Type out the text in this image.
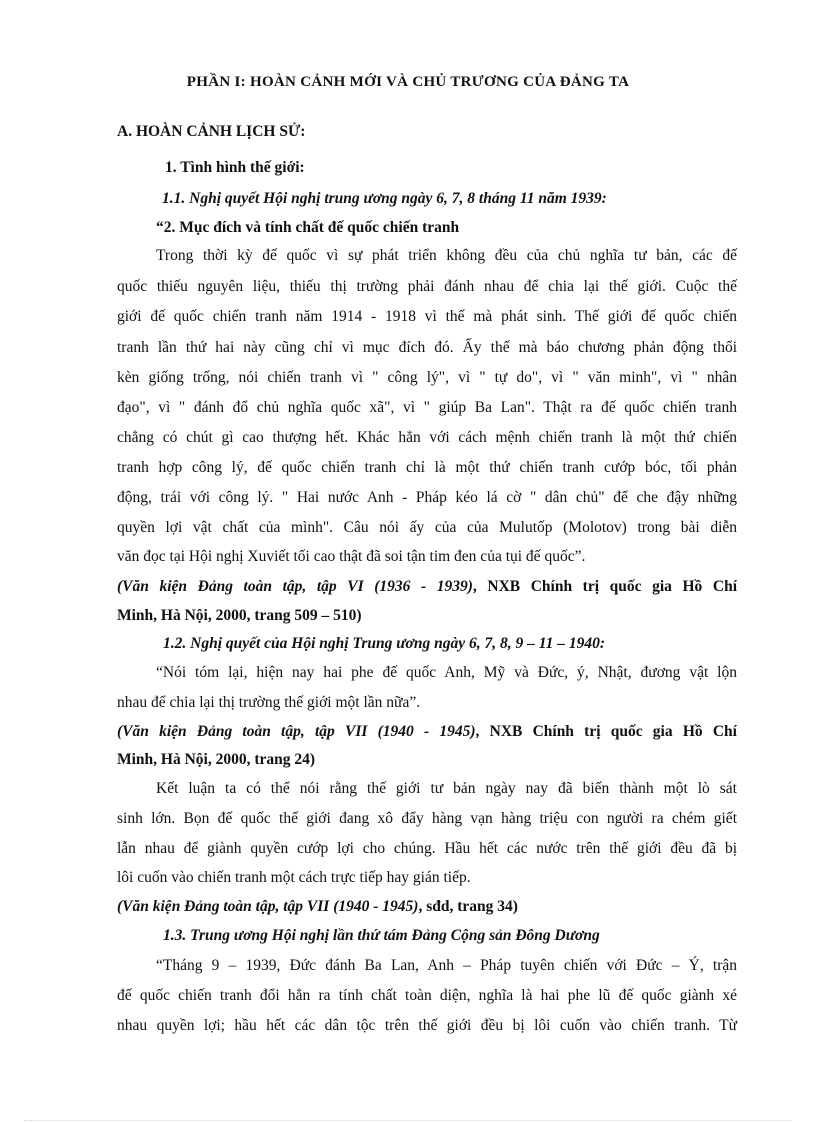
PHẦN I: HOÀN CẢNH MỚI VÀ CHỦ TRƯƠNG CỦA ĐẢNG TA
A. HOÀN CẢNH LỊCH SỬ:
1. Tình hình thế giới:
1.1. Nghị quyết Hội nghị trung ương ngày 6, 7, 8 tháng 11 năm 1939:
“2. Mục đích và tính chất đế quốc chiến tranh
Trong thời kỳ đế quốc vì sự phát triển không đều của chủ nghĩa tư bản, các đế
quốc thiếu nguyên liệu, thiếu thị trường phải đánh nhau để chia lại thế giới. Cuộc thế
giới đế quốc chiến tranh năm 1914 - 1918 vì thế mà phát sinh. Thế giới đế quốc chiến
tranh lần thứ hai này cũng chỉ vì mục đích đó. Ấy thế mà báo chương phản động thổi
kèn giống trống, nói chiến tranh vì " công lý", vì " tự do", vì " văn minh", vì " nhân
đạo", vì " đánh đổ chủ nghĩa quốc xã", vì " giúp Ba Lan". Thật ra đế quốc chiến tranh
chẳng có chút gì cao thượng hết. Khác hẳn với cách mệnh chiến tranh là một thứ chiến
tranh hợp công lý, đế quốc chiến tranh chỉ là một thứ chiến tranh cướp bóc, tối phản
động, trái với công lý. " Hai nước Anh - Pháp kéo lá cờ " dân chủ" để che đậy những
quyền lợi vật chất của mình". Câu nói ấy của của Mulutốp (Molotov) trong bài diễn
văn đọc tại Hội nghị Xuviết tối cao thật đã soi tận tim đen của tụi đế quốc”.
(Văn kiện Đảng toàn tập, tập VI (1936 - 1939), NXB Chính trị quốc gia Hồ Chí
Minh, Hà Nội, 2000, trang 509 – 510)
1.2. Nghị quyết của Hội nghị Trung ương ngày 6, 7, 8, 9 – 11 – 1940:
“Nói tóm lại, hiện nay hai phe đế quốc Anh, Mỹ và Đức, ý, Nhật, đương vật lộn
nhau để chia lại thị trường thế giới một lần nữa”.
(Văn kiện Đảng toàn tập, tập VII (1940 - 1945), NXB Chính trị quốc gia Hồ Chí
Minh, Hà Nội, 2000, trang 24)
Kết luận ta có thể nói rằng thế giới tư bản ngày nay đã biến thành một lò sát
sinh lớn. Bọn đế quốc thế giới đang xô đẩy hàng vạn hàng triệu con người ra chém giết
lẫn nhau để giành quyền cướp lợi cho chúng. Hầu hết các nước trên thế giới đều đã bị
lôi cuốn vào chiến tranh một cách trực tiếp hay gián tiếp.
(Văn kiện Đảng toàn tập, tập VII (1940 - 1945), sđd, trang 34)
1.3. Trung ương Hội nghị lần thứ tám Đảng Cộng sản Đông Dương
“Tháng 9 – 1939, Đức đánh Ba Lan, Anh – Pháp tuyên chiến với Đức – Ý, trận
đế quốc chiến tranh đổi hẳn ra tính chất toàn diện, nghĩa là hai phe lũ đế quốc giành xé
nhau quyền lợi; hầu hết các dân tộc trên thế giới đều bị lôi cuốn vào chiến tranh. Từ
